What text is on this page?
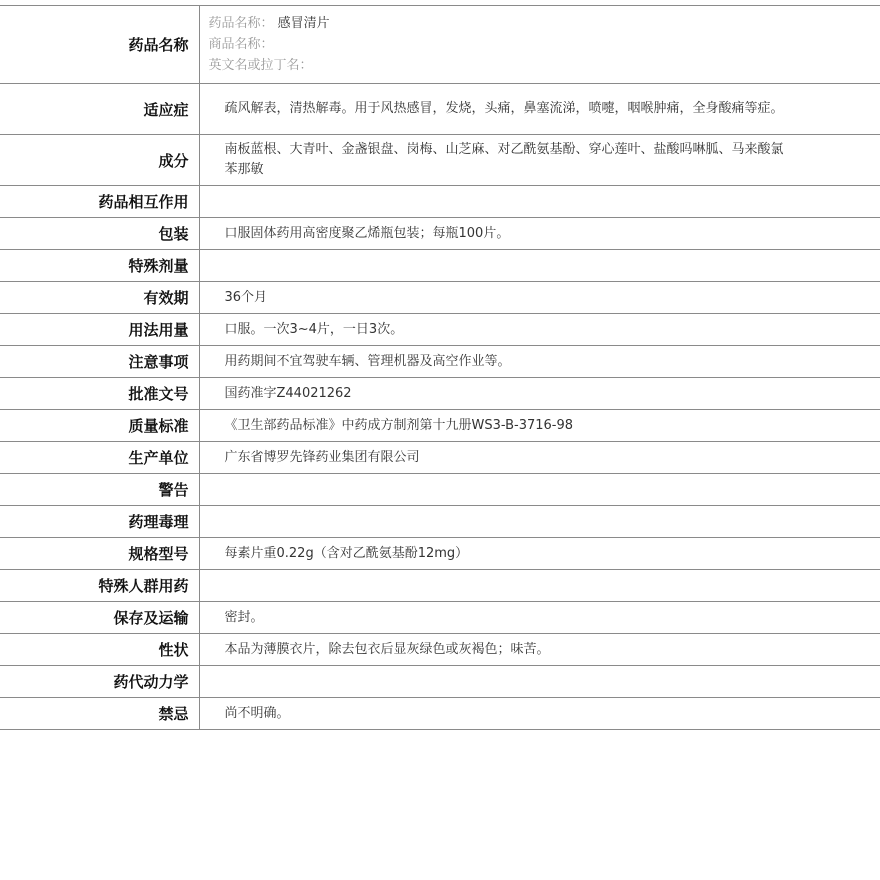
药品名称	药品名称： 感冒清片
商品名称：
英文名或拉丁名：

适应症	疏风解表，清热解毒。用于风热感冒，发烧，头痛，鼻塞流涕，喷嚏，咽喉肿痛，全身酸痛等症。
成分	南板蓝根、大青叶、金盏银盘、岗梅、山芝麻、对乙酰氨基酚、穿心莲叶、盐酸吗啉胍、马来酸氯苯那敏
药品相互作用	
包装	口服固体药用高密度聚乙烯瓶包装；每瓶100片。
特殊剂量	
有效期	36个月
用法用量	口服。一次3~4片，一日3次。
注意事项	用药期间不宜驾驶车辆、管理机器及高空作业等。
批准文号	国药准字Z44021262
质量标准	《卫生部药品标准》中药成方制剂第十九册WS3-B-3716-98
生产单位	广东省博罗先锋药业集团有限公司
警告	
药理毒理	
规格型号	每素片重0.22g（含对乙酰氨基酚12mg）
特殊人群用药	
保存及运输	密封。
性状	本品为薄膜衣片，除去包衣后显灰绿色或灰褐色；味苦。
药代动力学	
禁忌	尚不明确。
